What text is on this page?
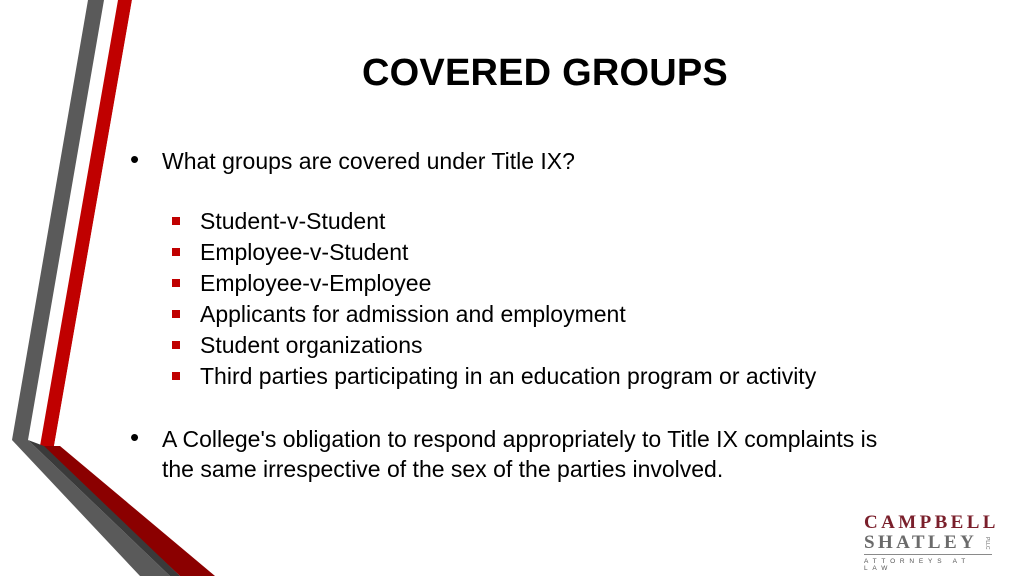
COVERED GROUPS
• What groups are covered under Title IX?
Student-v-Student
Employee-v-Student
Employee-v-Employee
Applicants for admission and employment
Student organizations
Third parties participating in an education program or activity
• A College's obligation to respond appropriately to Title IX complaints is
the same irrespective of the sex of the parties involved.
CAMPBELL
SHATLEY	PLLC
ATTORNEYS AT LAW
